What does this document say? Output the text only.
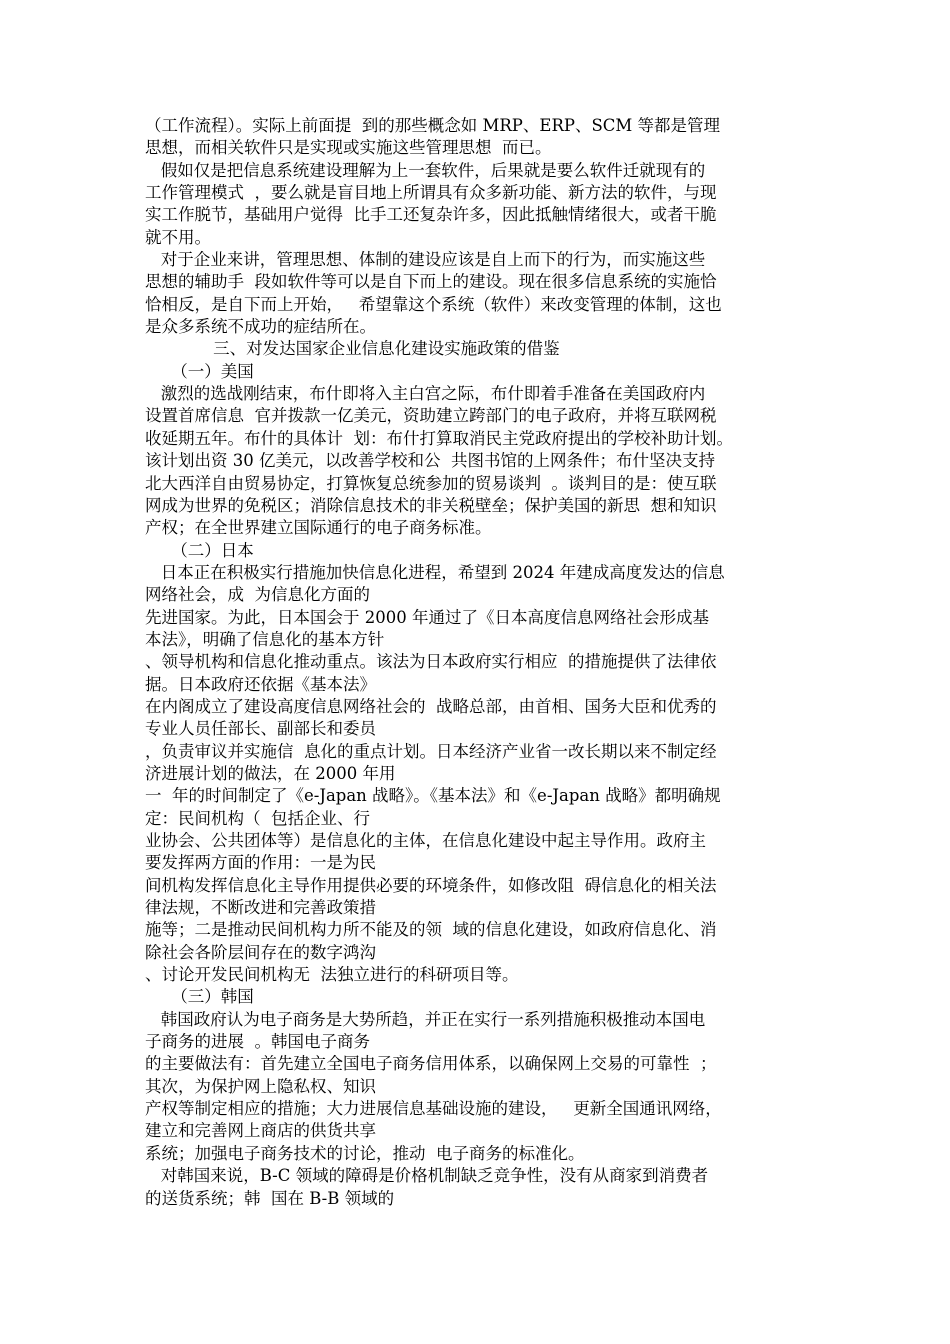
（工作流程）。实际上前面提  到的那些概念如 MRP、ERP、SCM 等都是管理
思想，而相关软件只是实现或实施这些管理思想  而已。
假如仅是把信息系统建设理解为上一套软件，后果就是要么软件迁就现有的
工作管理模式  ，要么就是盲目地上所谓具有众多新功能、新方法的软件，与现
实工作脱节，基础用户觉得  比手工还复杂许多，因此抵触情绪很大，或者干脆
就不用。
对于企业来讲，管理思想、体制的建设应该是自上而下的行为，而实施这些
思想的辅助手  段如软件等可以是自下而上的建设。现在很多信息系统的实施恰
恰相反，是自下而上开始，   希望靠这个系统（软件）来改变管理的体制，这也
是众多系统不成功的症结所在。
三、对发达国家企业信息化建设实施政策的借鉴
（一）美国
激烈的选战刚结束，布什即将入主白宫之际，布什即着手准备在美国政府内
设置首席信息  官并拨款一亿美元，资助建立跨部门的电子政府，并将互联网税
收延期五年。布什的具体计  划：布什打算取消民主党政府提出的学校补助计划。
该计划出资 30 亿美元，以改善学校和公  共图书馆的上网条件；布什坚决支持
北大西洋自由贸易协定，打算恢复总统参加的贸易谈判  。谈判目的是：使互联
网成为世界的免税区；消除信息技术的非关税壁垒；保护美国的新思  想和知识
产权；在全世界建立国际通行的电子商务标准。
（二）日本
日本正在积极实行措施加快信息化进程，希望到 2024 年建成高度发达的信息
网络社会，成  为信息化方面的
先进国家。为此，日本国会于 2000 年通过了《日本高度信息网络社会形成基
本法》，明确了信息化的基本方针
、领导机构和信息化推动重点。该法为日本政府实行相应  的措施提供了法律依
据。日本政府还依据《基本法》
在内阁成立了建设高度信息网络社会的  战略总部，由首相、国务大臣和优秀的
专业人员任部长、副部长和委员
，负责审议并实施信  息化的重点计划。日本经济产业省一改长期以来不制定经
济进展计划的做法，在 2000 年用
一  年的时间制定了《e-Japan 战略》。《基本法》和《e-Japan 战略》都明确规
定：民间机构（  包括企业、行
业协会、公共团体等）是信息化的主体，在信息化建设中起主导作用。政府主
要发挥两方面的作用：一是为民
间机构发挥信息化主导作用提供必要的环境条件，如修改阻  碍信息化的相关法
律法规，不断改进和完善政策措
施等；二是推动民间机构力所不能及的领  域的信息化建设，如政府信息化、消
除社会各阶层间存在的数字鸿沟
、讨论开发民间机构无  法独立进行的科研项目等。
（三）韩国
韩国政府认为电子商务是大势所趋，并正在实行一系列措施积极推动本国电
子商务的进展  。韩国电子商务
的主要做法有：首先建立全国电子商务信用体系，以确保网上交易的可靠性  ；
其次，为保护网上隐私权、知识
产权等制定相应的措施；大力进展信息基础设施的建设，   更新全国通讯网络，
建立和完善网上商店的供货共享
系统；加强电子商务技术的讨论，推动  电子商务的标准化。
对韩国来说，B-C 领域的障碍是价格机制缺乏竞争性，没有从商家到消费者
的送货系统；韩  国在 B-B 领域的
